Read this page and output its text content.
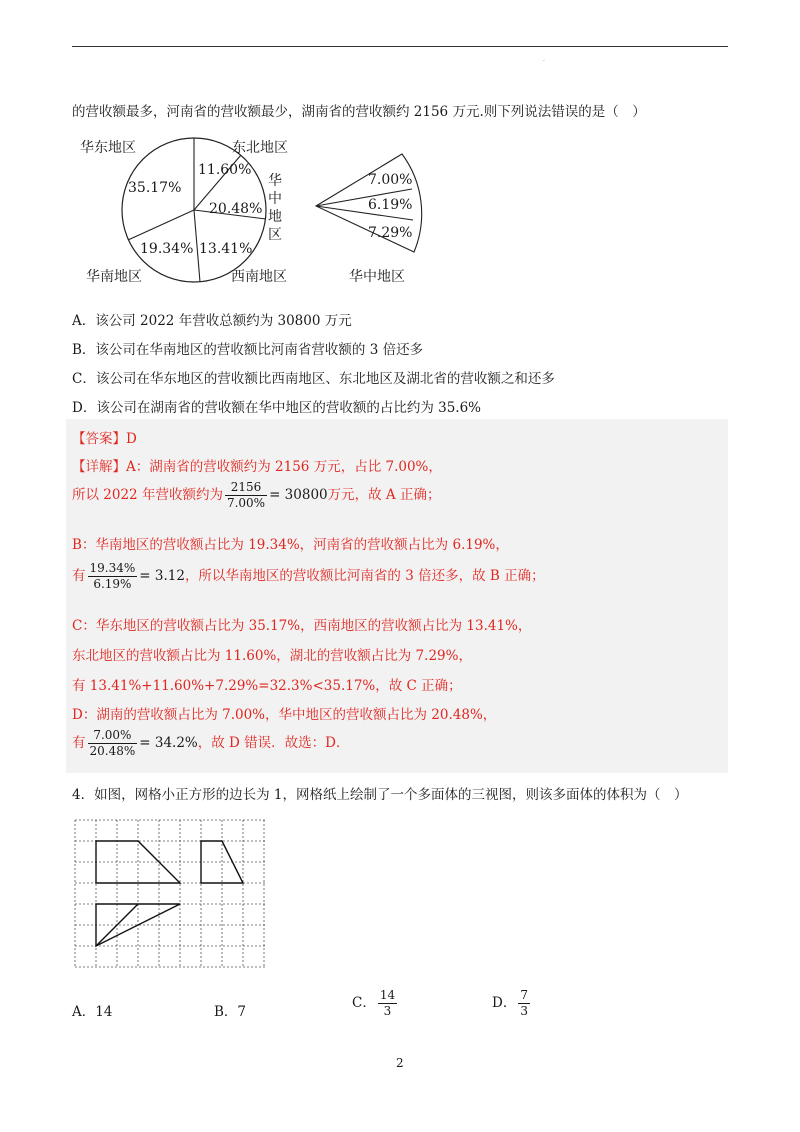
·
的营收额最多，河南省的营收额最少，湖南省的营收额约 2156 万元.则下列说法错误的是（　）
华东地区	东北地区
华中地区
西南地区
华南地区
35.17%
11.60%
20.48%
13.41%
19.34%
7.00%
6.19%
7.29%
华中地区
A．该公司 2022 年营收总额约为 30800 万元
B．该公司在华南地区的营收额比河南省营收额的 3 倍还多
C．该公司在华东地区的营收额比西南地区、东北地区及湖北省的营收额之和还多
D．该公司在湖南省的营收额在华中地区的营收额的占比约为 35.6%
【答案】D
【详解】A：湖南省的营收额约为 2156 万元，占比 7.00%，
所以 2022 年营收额约为 $\frac{2156}{7.00\%} = 30800$万元，故 A 正确；
B：华南地区的营收额占比为 19.34%，河南省的营收额占比为 6.19%，
有 $\frac{19.34\%}{6.19\%} = 3.12$，所以华南地区的营收额比河南省的 3 倍还多，故 B 正确；
C：华东地区的营收额占比为 35.17%，西南地区的营收额占比为 13.41%，
东北地区的营收额占比为 11.60%，湖北的营收额占比为 7.29%，
有 13.41%+11.60%+7.29%=32.3%<35.17%，故 C 正确；
D：湖南的营收额占比为 7.00%，华中地区的营收额占比为 20.48%，
有 $\frac{7.00\%}{20.48\%} = 34.2\%$，故 D 错误．故选：D．
4．如图，网格小正方形的边长为 1，网格纸上绘制了一个多面体的三视图，则该多面体的体积为（　）
A．14	B．7
C． $\frac{14}{3}$	D． $\frac{7}{3}$
2
